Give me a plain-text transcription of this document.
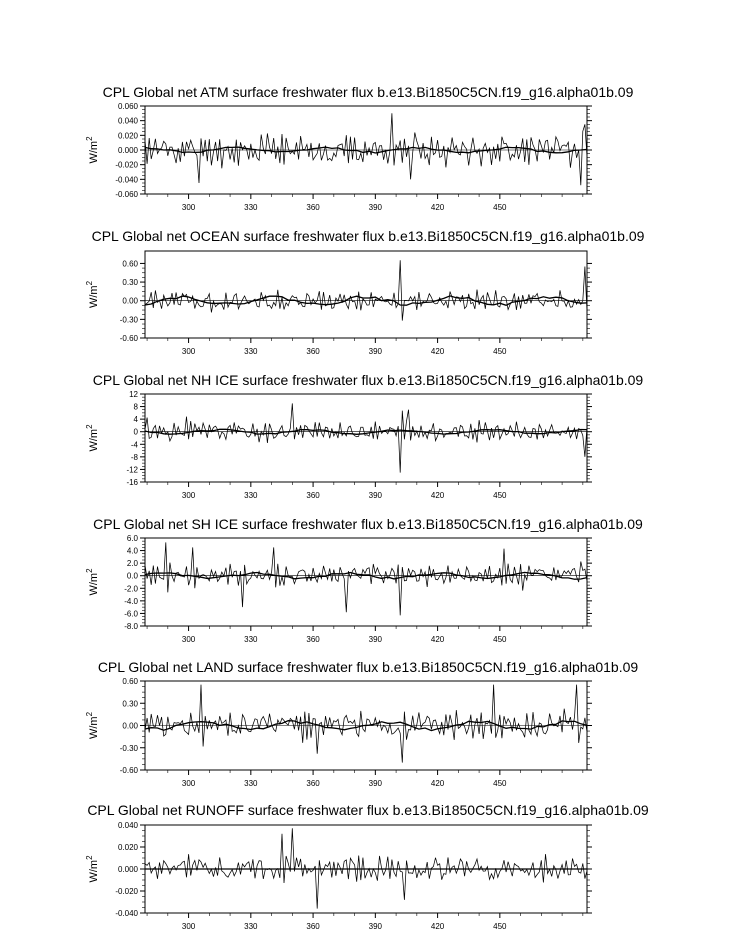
CPL Global net ATM surface freshwater flux b.e13.Bi1850C5CN.f19_g16.alpha01b.09
$W/m^2$
0.060
0.040
0.020
0.000
-0.020
-0.040
-0.060
300	330	360	390	420	450
CPL Global net OCEAN surface freshwater flux b.e13.Bi1850C5CN.f19_g16.alpha01b.09
$W/m^2$
0.60
0.30
0.00
-0.30
-0.60
300	330	360	390	420	450
CPL Global net NH ICE surface freshwater flux b.e13.Bi1850C5CN.f19_g16.alpha01b.09
$W/m^2$
12
8
4
0
-4
-8
-12
-16
300	330	360	390	420	450
CPL Global net SH ICE surface freshwater flux b.e13.Bi1850C5CN.f19_g16.alpha01b.09
$W/m^2$
6.0
4.0
2.0
0.0
-2.0
-4.0
-6.0
-8.0
300	330	360	390	420	450
CPL Global net LAND surface freshwater flux b.e13.Bi1850C5CN.f19_g16.alpha01b.09
$W/m^2$
0.60
0.30
0.00
-0.30
-0.60
300	330	360	390	420	450
CPL Global net RUNOFF surface freshwater flux b.e13.Bi1850C5CN.f19_g16.alpha01b.09
$W/m^2$
0.040
0.020
0.000
-0.020
-0.040
300	330	360	390	420	450
